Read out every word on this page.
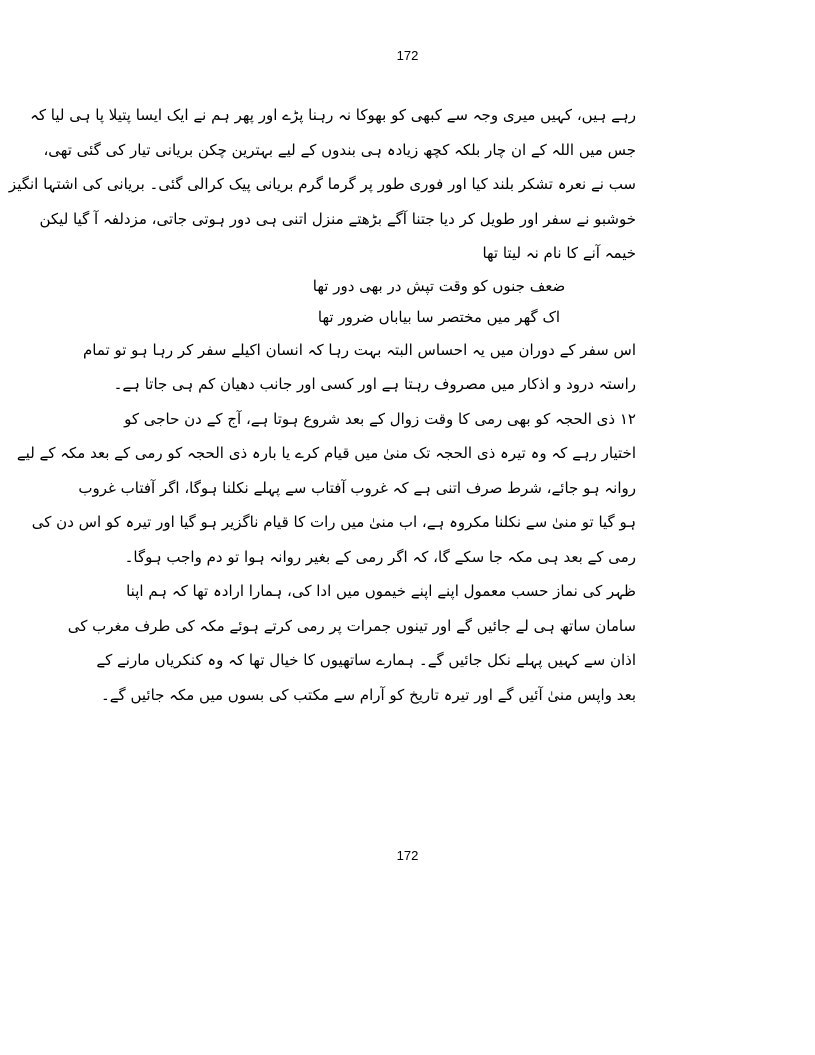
172
رہے ہیں، کہیں میری وجہ سے کبھی کو بھوکا نہ رہنا پڑے اور پھر ہم نے ایک ایسا پتیلا پا ہی لیا کہ
جس میں اللہ کے ان چار بلکہ کچھ زیادہ ہی بندوں کے لیے بہترین چکن بریانی تیار کی گئی تھی،
سب نے نعرہ تشکر بلند کیا اور فوری طور پر گرما گرم بریانی پیک کرالی گئی۔ بریانی کی اشتہا انگیز
خوشبو نے سفر اور طویل کر دیا جتنا آگے بڑھتے منزل اتنی ہی دور ہوتی جاتی، مزدلفہ آ گیا لیکن
خیمہ آنے کا نام نہ لیتا تھا
ضعف جنوں کو وقت تپش در بھی دور تھا
اک گھر میں مختصر سا بیاباں ضرور تھا
اس سفر کے دوران میں یہ احساس البتہ بہت رہا کہ انسان اکیلے سفر کر رہا ہو تو تمام
راستہ درود و اذکار میں مصروف رہتا ہے اور کسی اور جانب دھیان کم ہی جاتا ہے۔
۱۲ ذی الحجہ کو بھی رمی کا وقت زوال کے بعد شروع ہوتا ہے، آج کے دن حاجی کو
اختیار رہے کہ وہ تیرہ ذی الحجہ تک منیٰ میں قیام کرے یا بارہ ذی الحجہ کو رمی کے بعد مکہ کے لیے
روانہ ہو جائے، شرط صرف اتنی ہے کہ غروب آفتاب سے پہلے نکلنا ہوگا، اگر آفتاب غروب
ہو گیا تو منیٰ سے نکلنا مکروہ ہے، اب منیٰ میں رات کا قیام ناگزیر ہو گیا اور تیرہ کو اس دن کی
رمی کے بعد ہی مکہ جا سکے گا، کہ اگر رمی کے بغیر روانہ ہوا تو دم واجب ہوگا۔
ظہر کی نماز حسب معمول اپنے اپنے خیموں میں ادا کی، ہمارا ارادہ تھا کہ ہم اپنا
سامان ساتھ ہی لے جائیں گے اور تینوں جمرات پر رمی کرتے ہوئے مکہ کی طرف مغرب کی
اذان سے کہیں پہلے نکل جائیں گے۔ ہمارے ساتھیوں کا خیال تھا کہ وہ کنکریاں مارنے کے
بعد واپس منیٰ آئیں گے اور تیرہ تاریخ کو آرام سے مکتب کی بسوں میں مکہ جائیں گے۔
172
